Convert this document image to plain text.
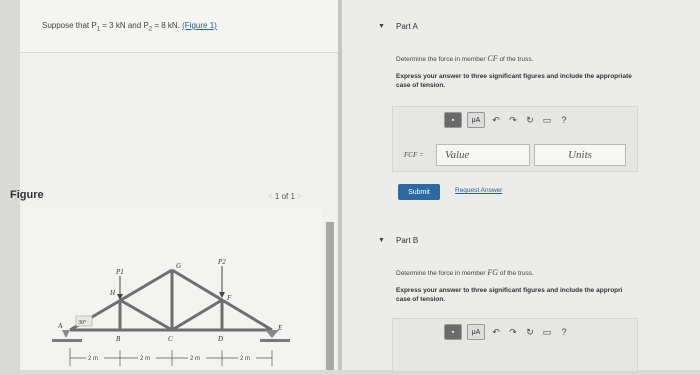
Suppose that $P_1 = 3$ kN and $P_2 = 8$ kN. (Figure 1)
Figure	< 1 of 1 >
P1
P2
A
B	C	D
E
F
G
H
30°
2 m	2 m	2 m	2 m
▼ Part A
Determine the force in member CF of the truss.
Express your answer to three significant figures and include the appropriate
case of tension.
▪	μA	↶ ↷ ↻ ▭	?
FCF =	Value	Units
Submit	Request Answer
▼ Part B
Determine the force in member FG of the truss.
Express your answer to three significant figures and include the appropri
case of tension.
▪	μA	↶ ↷ ↻ ▭	?
